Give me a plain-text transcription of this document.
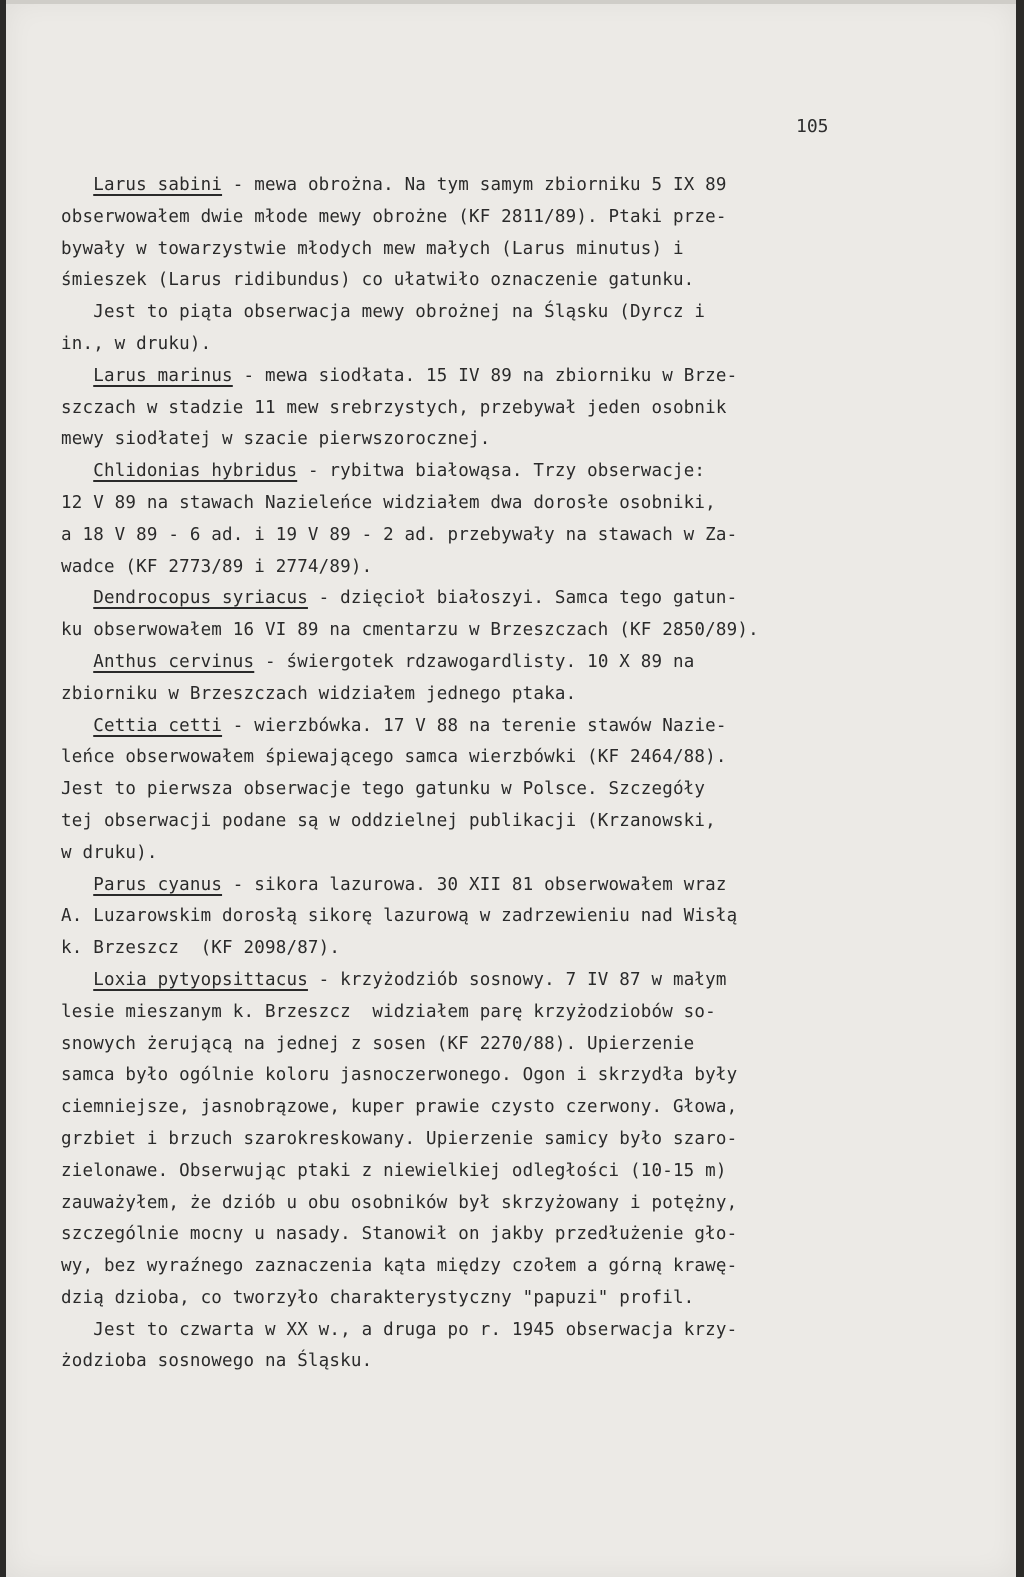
105
Larus sabini - mewa obrożna. Na tym samym zbiorniku 5 IX 89
obserwowałem dwie młode mewy obrożne (KF 2811/89). Ptaki prze-
bywały w towarzystwie młodych mew małych (Larus minutus) i
śmieszek (Larus ridibundus) co ułatwiło oznaczenie gatunku.
Jest to piąta obserwacja mewy obrożnej na Śląsku (Dyrcz i
in., w druku).
Larus marinus - mewa siodłata. 15 IV 89 na zbiorniku w Brze-
szczach w stadzie 11 mew srebrzystych, przebywał jeden osobnik
mewy siodłatej w szacie pierwszorocznej.
Chlidonias hybridus - rybitwa białowąsa. Trzy obserwacje:
12 V 89 na stawach Nazieleńce widziałem dwa dorosłe osobniki,
a 18 V 89 - 6 ad. i 19 V 89 - 2 ad. przebywały na stawach w Za-
wadce (KF 2773/89 i 2774/89).
Dendrocopus syriacus - dzięcioł białoszyi. Samca tego gatun-
ku obserwowałem 16 VI 89 na cmentarzu w Brzeszczach (KF 2850/89).
Anthus cervinus - świergotek rdzawogardlisty. 10 X 89 na
zbiorniku w Brzeszczach widziałem jednego ptaka.
Cettia cetti - wierzbówka. 17 V 88 na terenie stawów Nazie-
leńce obserwowałem śpiewającego samca wierzbówki (KF 2464/88).
Jest to pierwsza obserwacje tego gatunku w Polsce. Szczegóły
tej obserwacji podane są w oddzielnej publikacji (Krzanowski,
w druku).
Parus cyanus - sikora lazurowa. 30 XII 81 obserwowałem wraz
A. Luzarowskim dorosłą sikorę lazurową w zadrzewieniu nad Wisłą
k. Brzeszcz  (KF 2098/87).
Loxia pytyopsittacus - krzyżodziób sosnowy. 7 IV 87 w małym
lesie mieszanym k. Brzeszcz  widziałem parę krzyżodziobów so-
snowych żerującą na jednej z sosen (KF 2270/88). Upierzenie
samca było ogólnie koloru jasnoczerwonego. Ogon i skrzydła były
ciemniejsze, jasnobrązowe, kuper prawie czysto czerwony. Głowa,
grzbiet i brzuch szarokreskowany. Upierzenie samicy było szaro-
zielonawe. Obserwując ptaki z niewielkiej odległości (10-15 m)
zauważyłem, że dziób u obu osobników był skrzyżowany i potężny,
szczególnie mocny u nasady. Stanowił on jakby przedłużenie gło-
wy, bez wyraźnego zaznaczenia kąta między czołem a górną krawę-
dzią dzioba, co tworzyło charakterystyczny "papuzi" profil.
Jest to czwarta w XX w., a druga po r. 1945 obserwacja krzy-
żodzioba sosnowego na Śląsku.
